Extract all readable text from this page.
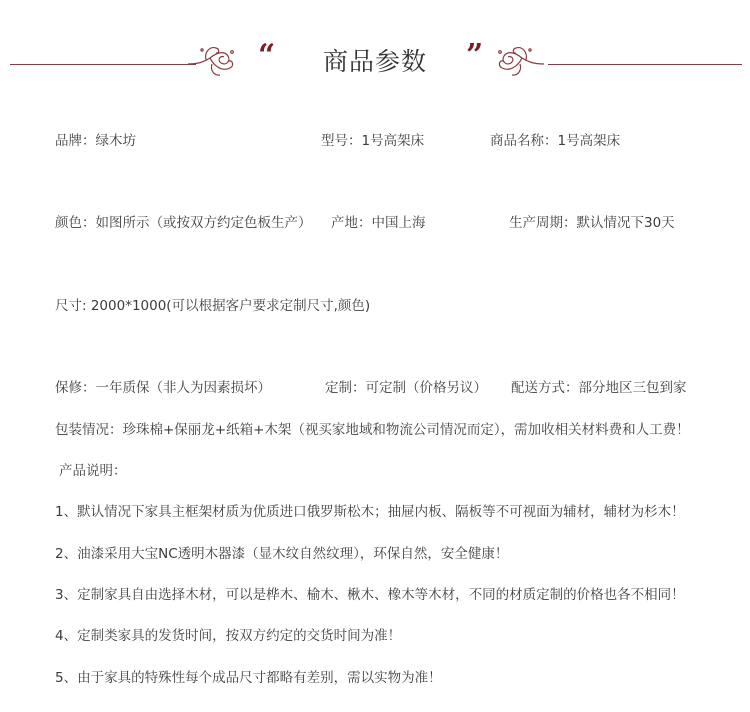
“	商品参数	”
品牌：绿木坊	型号：1号高架床	商品名称：1号高架床
颜色：如图所示（或按双方约定色板生产） 产地：中国上海	生产周期：默认情况下30天
尺寸: 2000*1000(可以根据客户要求定制尺寸,颜色)
保修：一年质保（非人为因素损坏）	定制：可定制（价格另议） 配送方式：部分地区三包到家
包装情况：珍珠棉+保丽龙+纸箱+木架（视买家地域和物流公司情况而定），需加收相关材料费和人工费！
产品说明：
1、默认情况下家具主框架材质为优质进口俄罗斯松木；抽屉内板、隔板等不可视面为辅材，辅材为杉木！
2、油漆采用大宝NC透明木器漆（显木纹自然纹理），环保自然，安全健康！
3、定制家具自由选择木材，可以是桦木、榆木、楸木、橡木等木材，不同的材质定制的价格也各不相同！
4、定制类家具的发货时间，按双方约定的交货时间为准！
5、由于家具的特殊性每个成品尺寸都略有差别，需以实物为准！
